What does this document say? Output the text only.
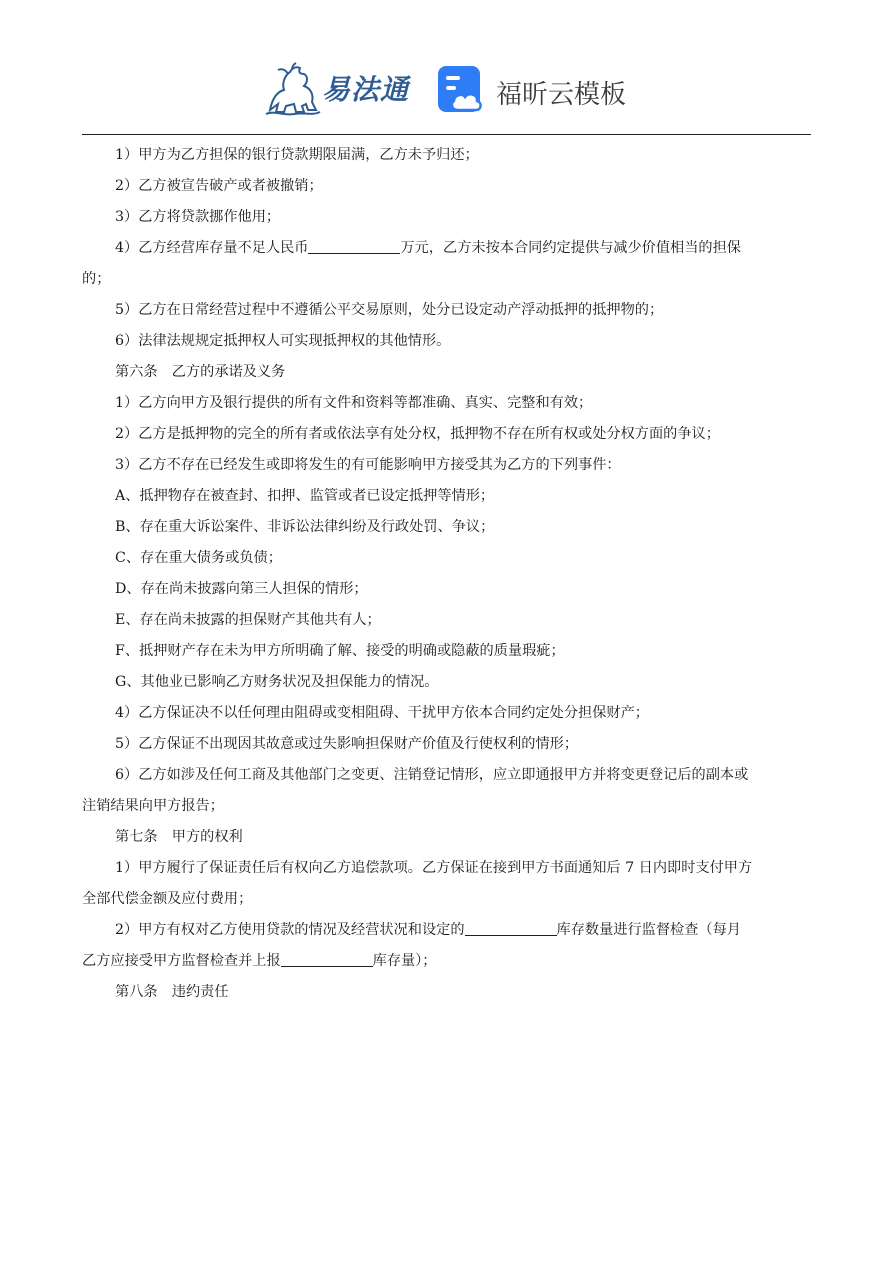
易法通	福昕云模板

1）甲方为乙方担保的银行贷款期限届满，乙方未予归还；

2）乙方被宣告破产或者被撤销；

3）乙方将贷款挪作他用；

4）乙方经营库存量不足人民币	万元，乙方未按本合同约定提供与减少价值相当的担保

的；

5）乙方在日常经营过程中不遵循公平交易原则，处分已设定动产浮动抵押的抵押物的；

6）法律法规规定抵押权人可实现抵押权的其他情形。

第六条　乙方的承诺及义务

1）乙方向甲方及银行提供的所有文件和资料等都准确、真实、完整和有效；

2）乙方是抵押物的完全的所有者或依法享有处分权，抵押物不存在所有权或处分权方面的争议；

3）乙方不存在已经发生或即将发生的有可能影响甲方接受其为乙方的下列事件：

A、抵押物存在被查封、扣押、监管或者已设定抵押等情形；

B、存在重大诉讼案件、非诉讼法律纠纷及行政处罚、争议；

C、存在重大债务或负债；

D、存在尚未披露向第三人担保的情形；

E、存在尚未披露的担保财产其他共有人；

F、抵押财产存在未为甲方所明确了解、接受的明确或隐蔽的质量瑕疵；

G、其他业已影响乙方财务状况及担保能力的情况。

4）乙方保证决不以任何理由阻碍或变相阻碍、干扰甲方依本合同约定处分担保财产；

5）乙方保证不出现因其故意或过失影响担保财产价值及行使权利的情形；

6）乙方如涉及任何工商及其他部门之变更、注销登记情形，应立即通报甲方并将变更登记后的副本或

注销结果向甲方报告；

第七条　甲方的权利

1）甲方履行了保证责任后有权向乙方追偿款项。乙方保证在接到甲方书面通知后 7 日内即时支付甲方

全部代偿金额及应付费用；

2）甲方有权对乙方使用贷款的情况及经营状况和设定的	库存数量进行监督检查（每月

乙方应接受甲方监督检查并上报	库存量）；

第八条　违约责任
